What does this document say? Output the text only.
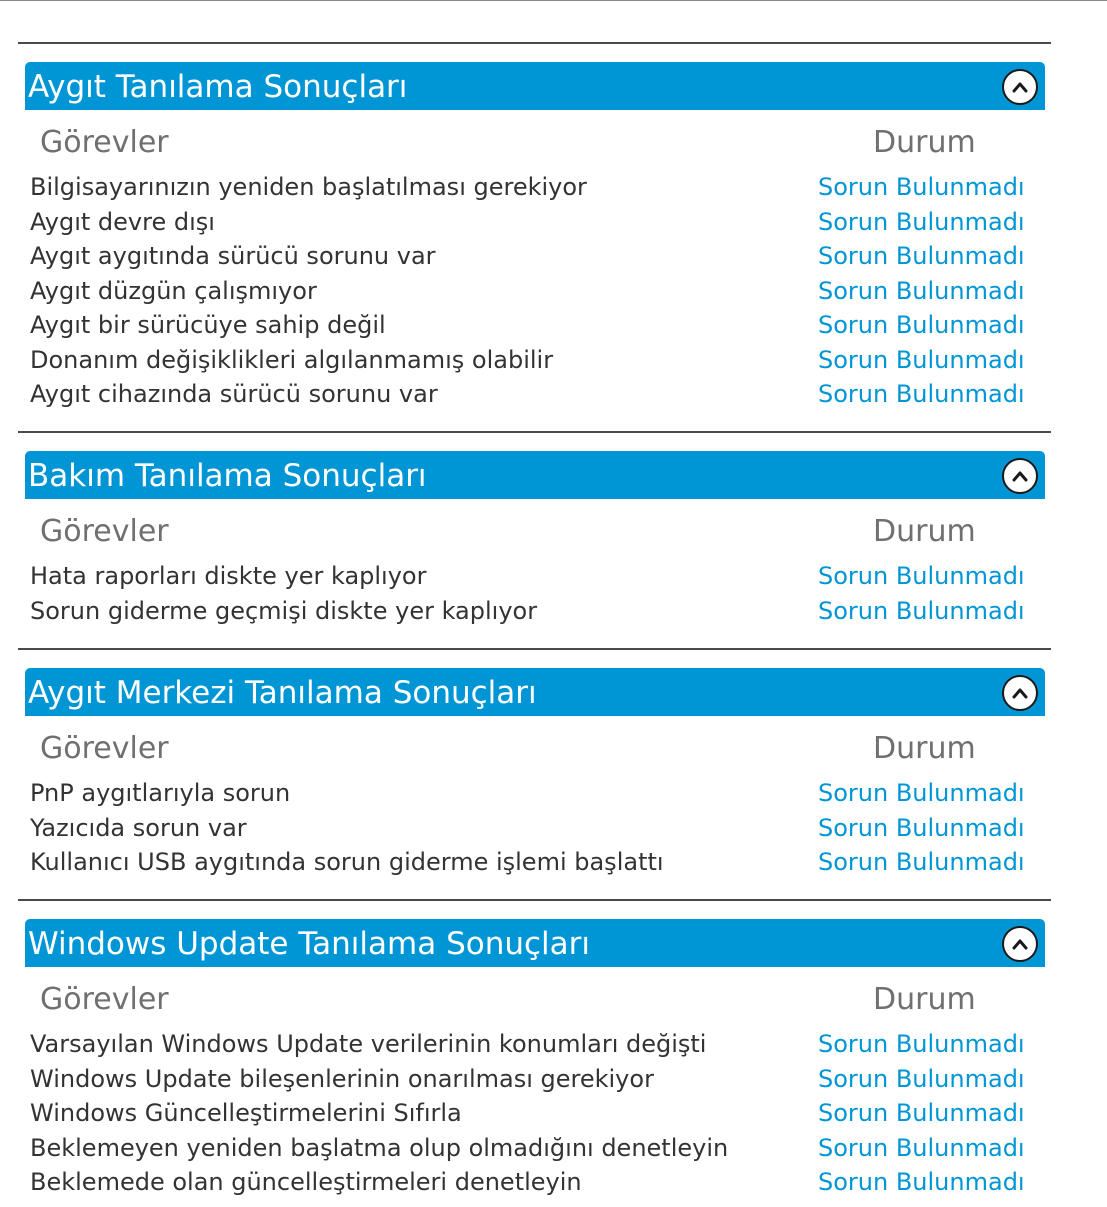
Aygıt Tanılama Sonuçları
Görevler	Durum
Bilgisayarınızın yeniden başlatılması gerekiyor	Sorun Bulunmadı
Aygıt devre dışı	Sorun Bulunmadı
Aygıt aygıtında sürücü sorunu var	Sorun Bulunmadı
Aygıt düzgün çalışmıyor	Sorun Bulunmadı
Aygıt bir sürücüye sahip değil	Sorun Bulunmadı
Donanım değişiklikleri algılanmamış olabilir	Sorun Bulunmadı
Aygıt cihazında sürücü sorunu var	Sorun Bulunmadı
Bakım Tanılama Sonuçları
Görevler	Durum
Hata raporları diskte yer kaplıyor	Sorun Bulunmadı
Sorun giderme geçmişi diskte yer kaplıyor	Sorun Bulunmadı
Aygıt Merkezi Tanılama Sonuçları
Görevler	Durum
PnP aygıtlarıyla sorun	Sorun Bulunmadı
Yazıcıda sorun var	Sorun Bulunmadı
Kullanıcı USB aygıtında sorun giderme işlemi başlattı	Sorun Bulunmadı
Windows Update Tanılama Sonuçları
Görevler	Durum
Varsayılan Windows Update verilerinin konumları değişti	Sorun Bulunmadı
Windows Update bileşenlerinin onarılması gerekiyor	Sorun Bulunmadı
Windows Güncelleştirmelerini Sıfırla	Sorun Bulunmadı
Beklemeyen yeniden başlatma olup olmadığını denetleyin	Sorun Bulunmadı
Beklemede olan güncelleştirmeleri denetleyin	Sorun Bulunmadı
